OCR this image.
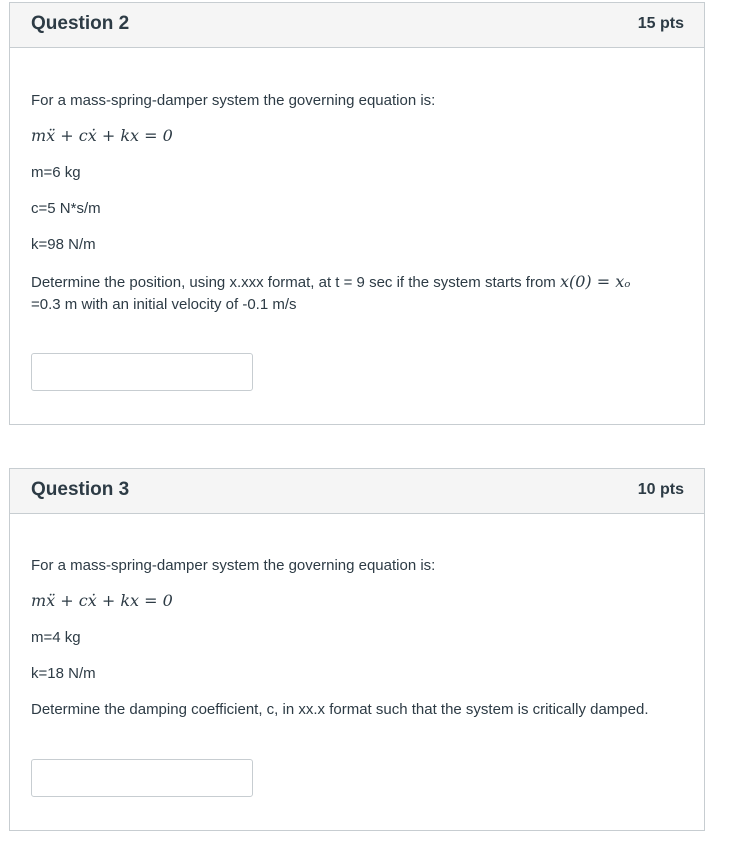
Question 2	15 pts
For a mass-spring-damper system the governing equation is:
mẍ + cẋ + kx = 0
m=6 kg
c=5 N*s/m
k=98 N/m
Determine the position, using x.xxx format, at t = 9 sec if the system starts from x(0) = xₒ
=0.3 m with an initial velocity of -0.1 m/s
Question 3	10 pts
For a mass-spring-damper system the governing equation is:
mẍ + cẋ + kx = 0
m=4 kg
k=18 N/m
Determine the damping coefficient, c, in xx.x format such that the system is critically damped.
